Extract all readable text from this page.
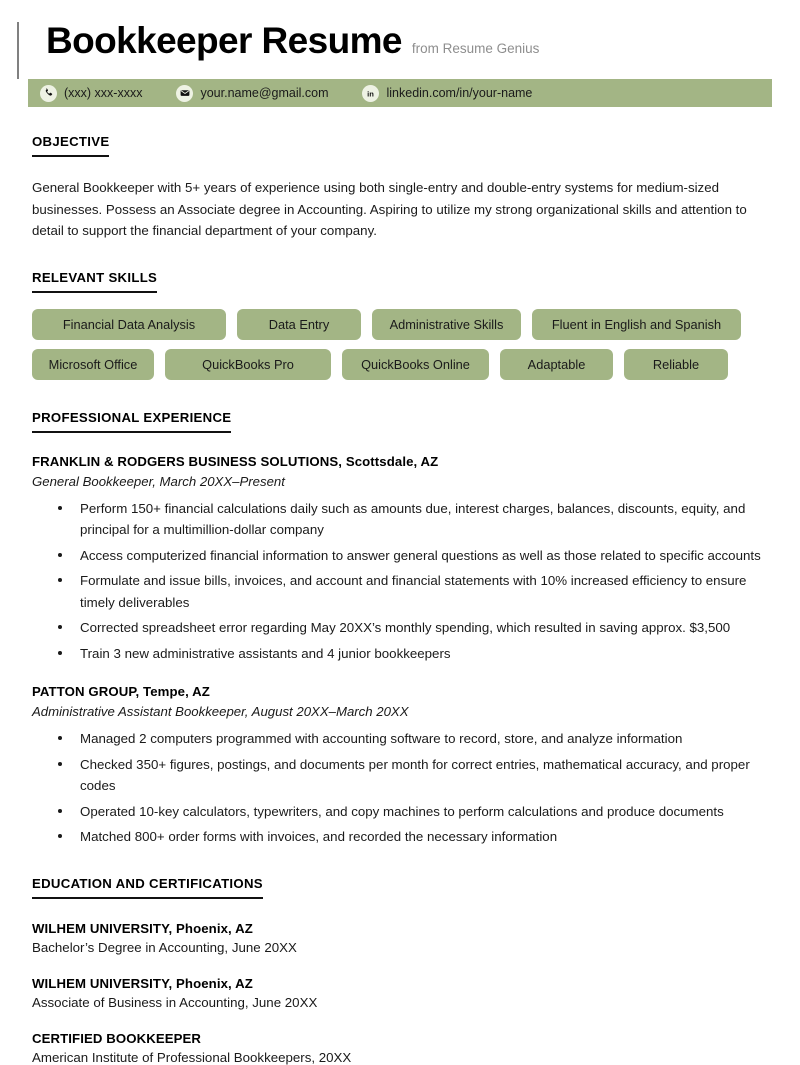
Bookkeeper Resume from Resume Genius
(xxx) xxx-xxxx	your.name@gmail.com	in linkedin.com/in/your-name
OBJECTIVE
General Bookkeeper with 5+ years of experience using both single-entry and double-entry systems for medium-sized businesses. Possess an Associate degree in Accounting. Aspiring to utilize my strong organizational skills and attention to detail to support the financial department of your company.
RELEVANT SKILLS
Financial Data Analysis	Data Entry	Administrative Skills	Fluent in English and Spanish
Microsoft Office	QuickBooks Pro	QuickBooks Online	Adaptable	Reliable
PROFESSIONAL EXPERIENCE
FRANKLIN & RODGERS BUSINESS SOLUTIONS, Scottsdale, AZ
General Bookkeeper, March 20XX–Present
Perform 150+ financial calculations daily such as amounts due, interest charges, balances, discounts, equity, and principal for a multimillion-dollar company
Access computerized financial information to answer general questions as well as those related to specific accounts
Formulate and issue bills, invoices, and account and financial statements with 10% increased efficiency to ensure timely deliverables
Corrected spreadsheet error regarding May 20XX’s monthly spending, which resulted in saving approx. $3,500
Train 3 new administrative assistants and 4 junior bookkeepers
PATTON GROUP, Tempe, AZ
Administrative Assistant Bookkeeper, August 20XX–March 20XX
Managed 2 computers programmed with accounting software to record, store, and analyze information
Checked 350+ figures, postings, and documents per month for correct entries, mathematical accuracy, and proper codes
Operated 10-key calculators, typewriters, and copy machines to perform calculations and produce documents
Matched 800+ order forms with invoices, and recorded the necessary information
EDUCATION AND CERTIFICATIONS
WILHEM UNIVERSITY, Phoenix, AZ
Bachelor’s Degree in Accounting, June 20XX
WILHEM UNIVERSITY, Phoenix, AZ
Associate of Business in Accounting, June 20XX
CERTIFIED BOOKKEEPER
American Institute of Professional Bookkeepers, 20XX
